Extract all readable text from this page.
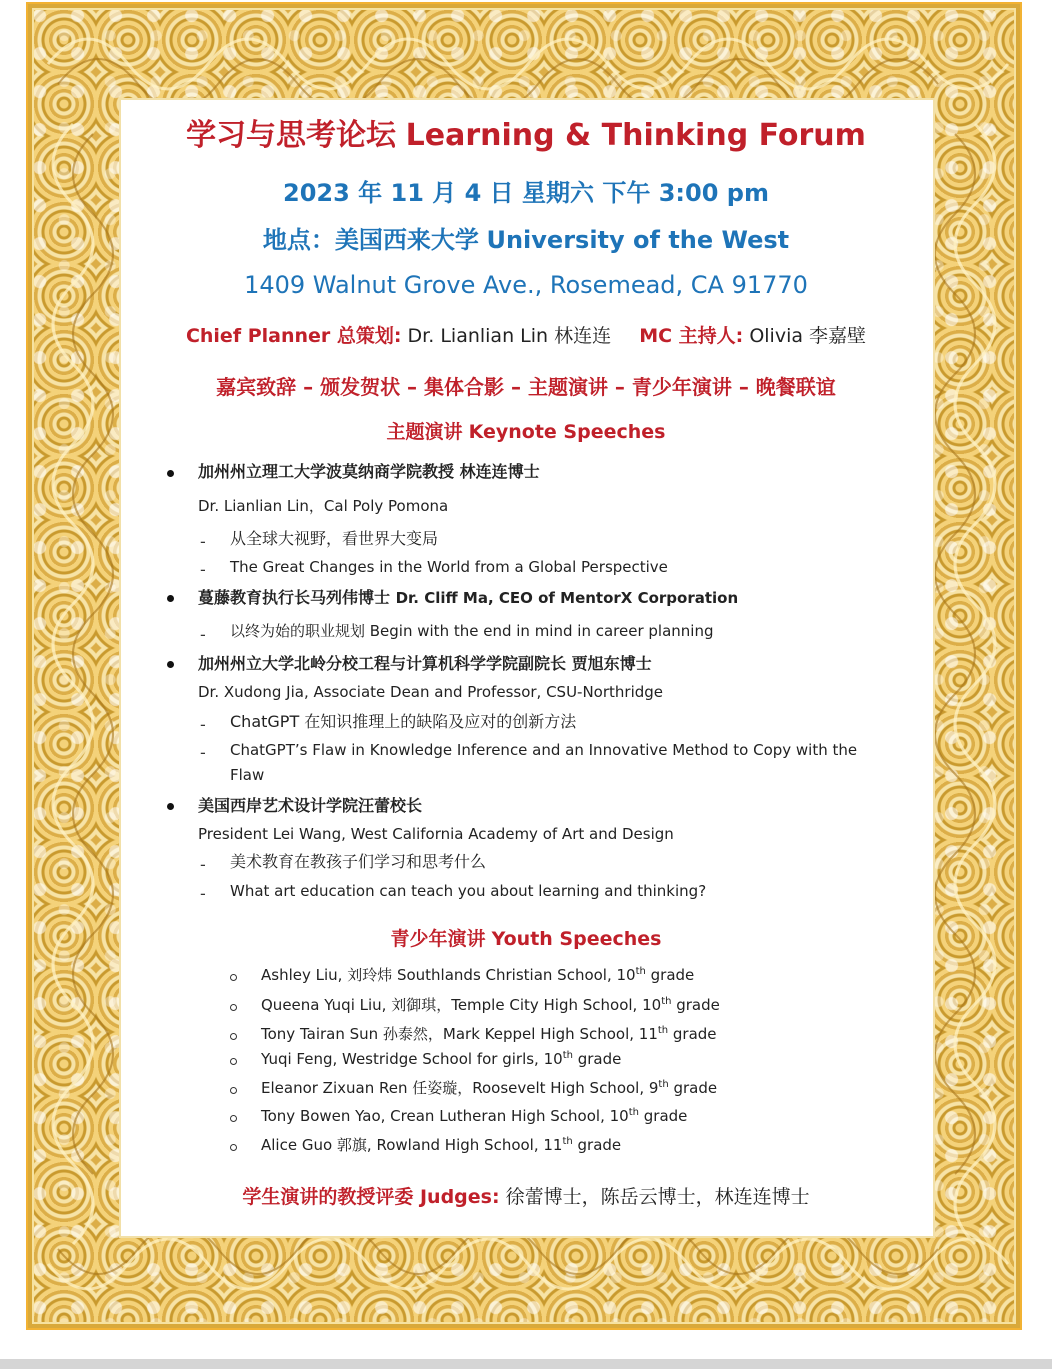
学习与思考论坛 Learning & Thinking Forum
2023 年 11 月 4 日 星期六 下午 3:00 pm
地点：美国西来大学 University of the West
1409 Walnut Grove Ave., Rosemead, CA 91770
Chief Planner 总策划: Dr. Lianlian Lin 林连连 MC 主持人: Olivia 李嘉壁
嘉宾致辞 – 颁发贺状 – 集体合影 – 主题演讲 – 青少年演讲 – 晚餐联谊
主题演讲 Keynote Speeches
加州州立理工大学波莫纳商学院教授 林连连博士
Dr. Lianlian Lin，Cal Poly Pomona
- 从全球大视野，看世界大变局
- The Great Changes in the World from a Global Perspective
蔓藤教育执行长马列伟博士 Dr. Cliff Ma, CEO of MentorX Corporation
- 以终为始的职业规划 Begin with the end in mind in career planning
加州州立大学北岭分校工程与计算机科学学院副院长 贾旭东博士
Dr. Xudong Jia, Associate Dean and Professor, CSU-Northridge
- ChatGPT 在知识推理上的缺陷及应对的创新方法
- ChatGPT’s Flaw in Knowledge Inference and an Innovative Method to Copy with the
Flaw
美国西岸艺术设计学院汪蕾校长
President Lei Wang, West California Academy of Art and Design
- 美术教育在教孩子们学习和思考什么
- What art education can teach you about learning and thinking?
青少年演讲 Youth Speeches
Ashley Liu, 刘玲炜 Southlands Christian School, 10th grade
Queena Yuqi Liu, 刘御琪，Temple City High School, 10th grade
Tony Tairan Sun 孙泰然，Mark Keppel High School, 11th grade
Yuqi Feng, Westridge School for girls, 10th grade
Eleanor Zixuan Ren 任姿璇，Roosevelt High School, 9th grade
Tony Bowen Yao, Crean Lutheran High School, 10th grade
Alice Guo 郭旗, Rowland High School, 11th grade
学生演讲的教授评委 Judges: 徐蕾博士，陈岳云博士，林连连博士
